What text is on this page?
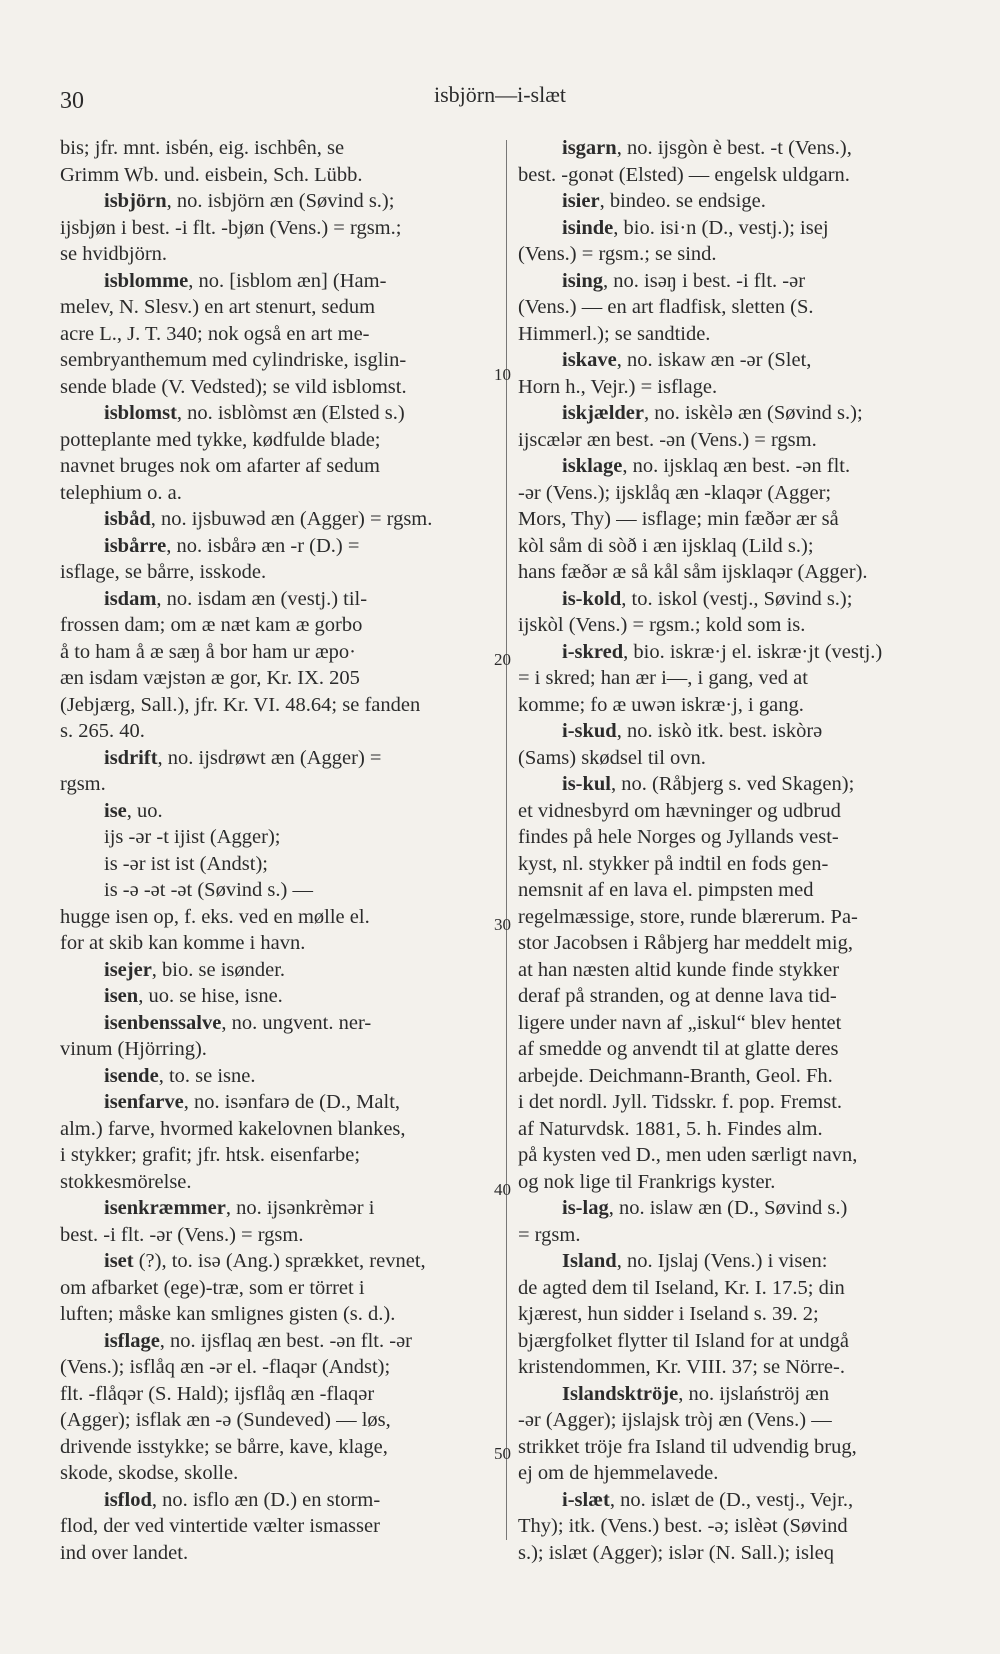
30	isbjörn—i-slæt
bis; jfr. mnt. isbén, eig. ischbên, se
Grimm Wb. und. eisbein, Sch. Lübb.
isbjörn, no. isbjörn æn (Søvind s.);
ijsbjøn i best. -i flt. -bjøn (Vens.) = rgsm.;
se hvidbjörn.
isblomme, no. [isblom æn] (Ham-
melev, N. Slesv.) en art stenurt, sedum
acre L., J. T. 340; nok også en art me-
sembryanthemum med cylindriske, isglin-
sende blade (V. Vedsted); se vild isblomst.
isblomst, no. isblòmst æn (Elsted s.)
potteplante med tykke, kødfulde blade;
navnet bruges nok om afarter af sedum
telephium o. a.
isbåd, no. ijsbuwəd æn (Agger) = rgsm.
isbårre, no. isbårə æn -r (D.) =
isflage, se bårre, isskode.
isdam, no. isdam æn (vestj.) til-
frossen dam; om æ næt kam æ gorbo
å to ham å æ sæŋ å bor ham ur æpo·
æn isdam væjstən æ gor, Kr. IX. 205
(Jebjærg, Sall.), jfr. Kr. VI. 48.64; se fanden
s. 265. 40.
isdrift, no. ijsdrøwt æn (Agger) =
rgsm.
ise, uo.
ijs -ər -t ijist (Agger);
is -ər ist ist (Andst);
is -ə -ət -ət (Søvind s.) —
hugge isen op, f. eks. ved en mølle el.
for at skib kan komme i havn.
isejer, bio. se isønder.
isen, uo. se hise, isne.
isenbenssalve, no. ungvent. ner-
vinum (Hjörring).
isende, to. se isne.
isenfarve, no. isənfarə de (D., Malt,
alm.) farve, hvormed kakelovnen blankes,
i stykker; grafit; jfr. htsk. eisenfarbe;
stokkesmörelse.
isenkræmmer, no. ijsənkrèmər i
best. -i flt. -ər (Vens.) = rgsm.
iset (?), to. isə (Ang.) sprækket, revnet,
om afbarket (ege)-træ, som er törret i
luften; måske kan smlignes gisten (s. d.).
isflage, no. ijsflaq æn best. -ən flt. -ər
(Vens.); isflåq æn -ər el. -flaqər (Andst);
flt. -flåqər (S. Hald); ijsflåq æn -flaqər
(Agger); isflak æn -ə (Sundeved) — løs,
drivende isstykke; se bårre, kave, klage,
skode, skodse, skolle.
isflod, no. isflo æn (D.) en storm-
flod, der ved vintertide vælter ismasser
ind over landet.
isgarn, no. ijsgòn è best. -t (Vens.),
best. -gonət (Elsted) — engelsk uldgarn.
isier, bindeo. se endsige.
isinde, bio. isi·n (D., vestj.); isej
(Vens.) = rgsm.; se sind.
ising, no. isəŋ i best. -i flt. -ər
(Vens.) — en art fladfisk, sletten (S.
Himmerl.); se sandtide.
iskave, no. iskaw æn -ər (Slet,
Horn h., Vejr.) = isflage.
iskjælder, no. iskèlə æn (Søvind s.);
ijscælər æn best. -ən (Vens.) = rgsm.
isklage, no. ijsklaq æn best. -ən flt.
-ər (Vens.); ijsklåq æn -klaqər (Agger;
Mors, Thy) — isflage; min fæðər ær så
kòl såm di sòð i æn ijsklaq (Lild s.);
hans fæðər æ så kål såm ijsklaqər (Agger).
is-kold, to. iskol (vestj., Søvind s.);
ijskòl (Vens.) = rgsm.; kold som is.
i-skred, bio. iskræ·j el. iskræ·jt (vestj.)
= i skred; han ær i—, i gang, ved at
komme; fo æ uwən iskræ·j, i gang.
i-skud, no. iskò itk. best. iskòrə
(Sams) skødsel til ovn.
is-kul, no. (Råbjerg s. ved Skagen);
et vidnesbyrd om hævninger og udbrud
findes på hele Norges og Jyllands vest-
kyst, nl. stykker på indtil en fods gen-
nemsnit af en lava el. pimpsten med
regelmæssige, store, runde blærerum. Pa-
stor Jacobsen i Råbjerg har meddelt mig,
at han næsten altid kunde finde stykker
deraf på stranden, og at denne lava tid-
ligere under navn af „iskul“ blev hentet
af smedde og anvendt til at glatte deres
arbejde. Deichmann-Branth, Geol. Fh.
i det nordl. Jyll. Tidsskr. f. pop. Fremst.
af Naturvdsk. 1881, 5. h. Findes alm.
på kysten ved D., men uden særligt navn,
og nok lige til Frankrigs kyster.
is-lag, no. islaw æn (D., Søvind s.)
= rgsm.
Island, no. Ijslaj (Vens.) i visen:
de agted dem til Iseland, Kr. I. 17.5; din
kjærest, hun sidder i Iseland s. 39. 2;
bjærgfolket flytter til Island for at undgå
kristendommen, Kr. VIII. 37; se Nörre-.
Islandsktröje, no. ijslańströj æn
-ər (Agger); ijslajsk tròj æn (Vens.) —
strikket tröje fra Island til udvendig brug,
ej om de hjemmelavede.
i-slæt, no. islæt de (D., vestj., Vejr.,
Thy); itk. (Vens.) best. -ə; islèət (Søvind
s.); islæt (Agger); islər (N. Sall.); isleq
10
20
30
40
50
